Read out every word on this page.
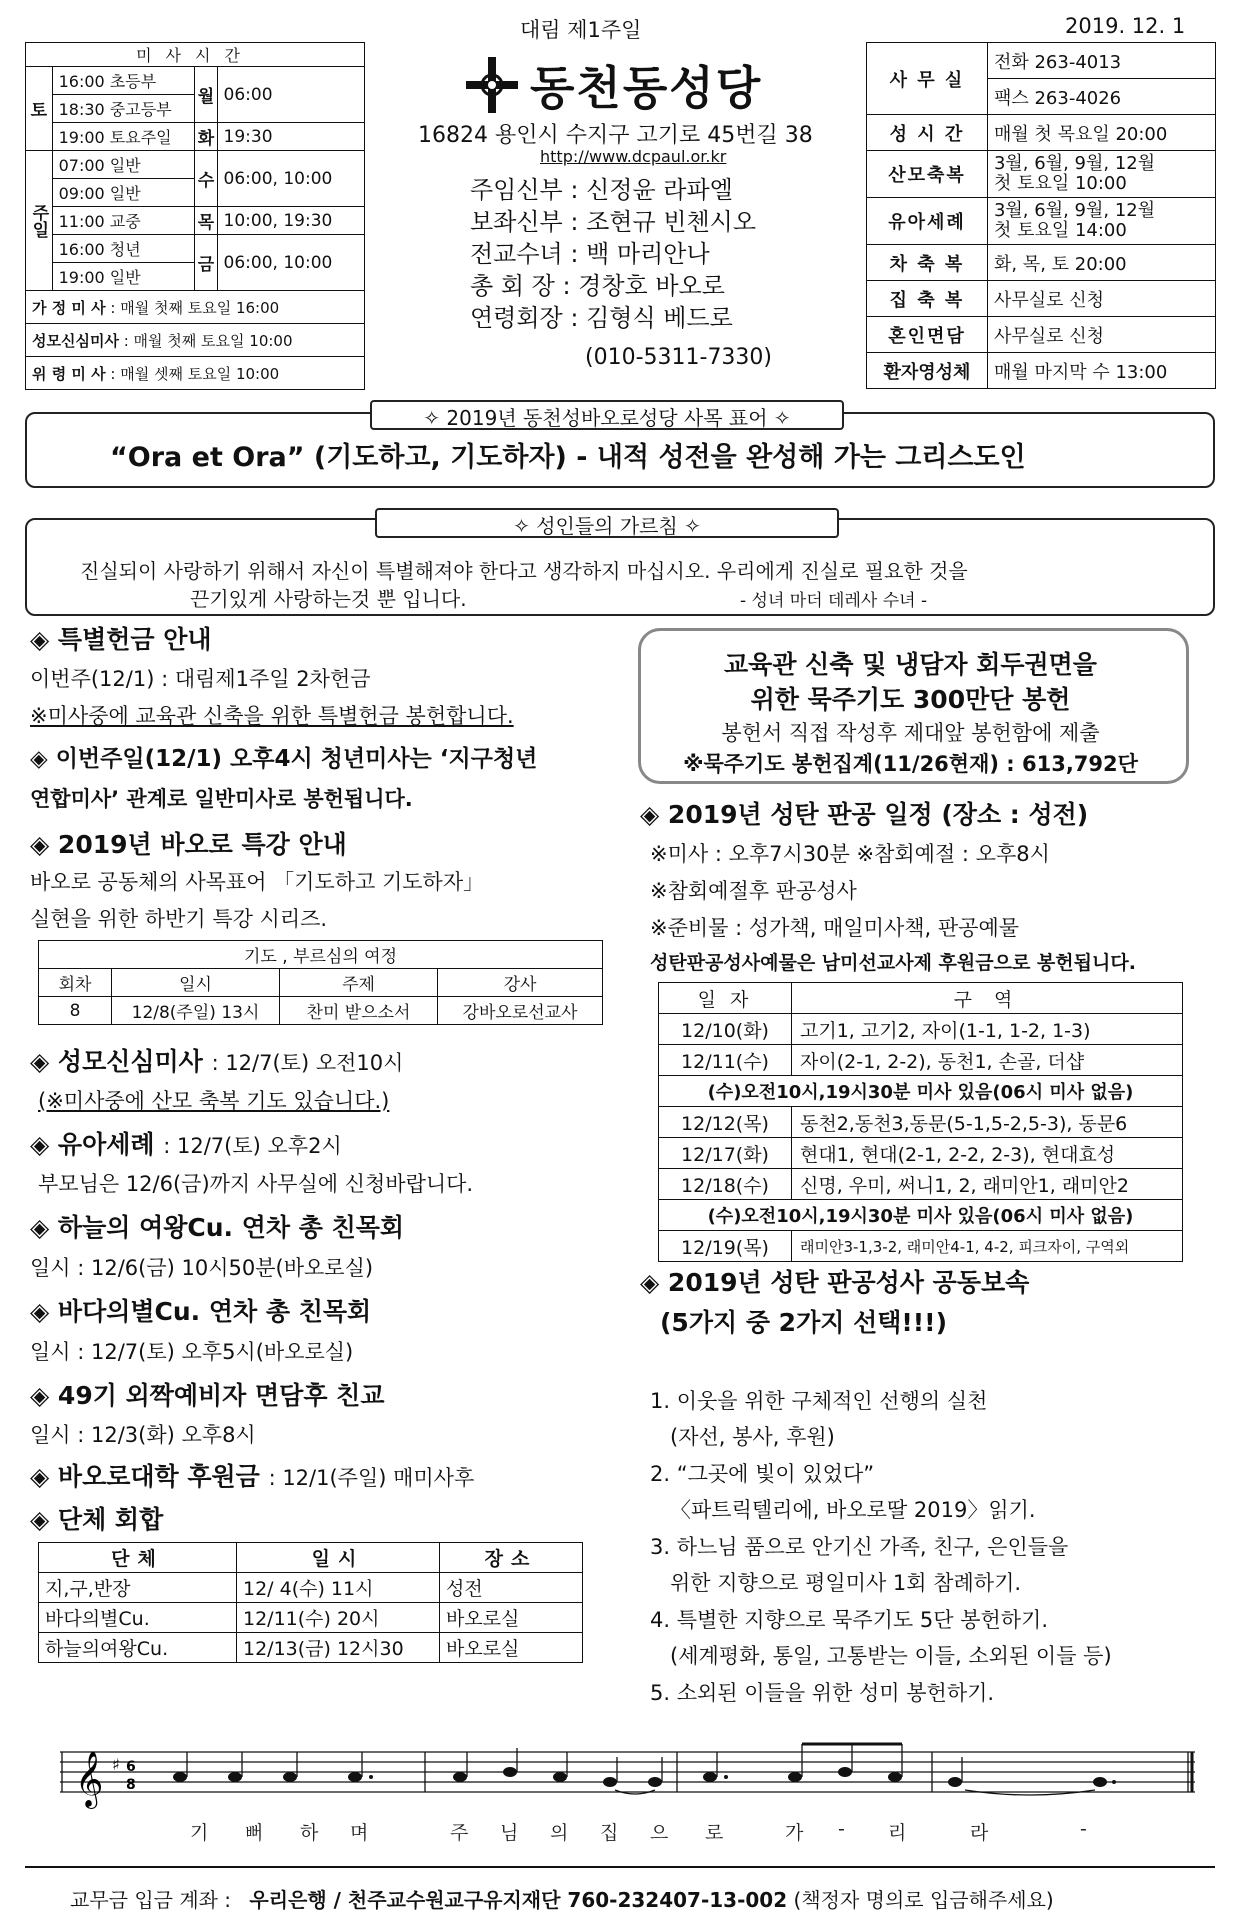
대림 제1주일	2019. 12. 1
미사시간			
토	16:00 초등부	월	06:00
	18:30 중고등부		
	19:00 토요주일	화	19:30
주일	07:00 일반	수	06:00, 10:00
	09:00 일반		
	11:00 교중	목	10:00, 19:30
	16:00 청년	금	06:00, 10:00
	19:00 일반		
가 정 미 사 : 매월 첫째 토요일 16:00			
성모신심미사 : 매월 첫째 토요일 10:00			
위 령 미 사 : 매월 셋째 토요일 10:00			
동천동성당
16824 용인시 수지구 고기로 45번길 38
http://www.dcpaul.or.kr
주임신부 : 신정윤 라파엘
보좌신부 : 조현규 빈첸시오
전교수녀 : 백 마리안나
총 회 장 : 경창호 바오로
연령회장 : 김형식 베드로
(010-5311-7330)
사 무 실	전화 263-4013
	팩스 263-4026
성 시 간	매월 첫 목요일 20:00
산모축복	3월, 6월, 9월, 12월
첫 토요일 10:00
유아세례	3월, 6월, 9월, 12월
첫 토요일 14:00
차 축 복	화, 목, 토 20:00
집 축 복	사무실로 신청
혼인면담	사무실로 신청
환자영성체	매월 마지막 수 13:00
✧ 2019년 동천성바오로성당 사목 표어 ✧
“Ora et Ora” (기도하고, 기도하자) - 내적 성전을 완성해 가는 그리스도인
✧ 성인들의 가르침 ✧
진실되이 사랑하기 위해서 자신이 특별해져야 한다고 생각하지 마십시오. 우리에게 진실로 필요한 것을
끈기있게 사랑하는것 뿐 입니다.	- 성녀 마더 데레사 수녀 -
◈ 특별헌금 안내
이번주(12/1) : 대림제1주일 2차헌금
※미사중에 교육관 신축을 위한 특별헌금 봉헌합니다.
◈ 이번주일(12/1) 오후4시 청년미사는 ‘지구청년
연합미사’ 관계로 일반미사로 봉헌됩니다.
◈ 2019년 바오로 특강 안내
바오로 공동체의 사목표어 「기도하고 기도하자」
실현을 위한 하반기 특강 시리즈.
기도 , 부르심의 여정			
회차	일시	주제	강사
8	12/8(주일) 13시	찬미 받으소서	강바오로선교사
◈ 성모신심미사 : 12/7(토) 오전10시
(※미사중에 산모 축복 기도 있습니다.)
◈ 유아세례 : 12/7(토) 오후2시
부모님은 12/6(금)까지 사무실에 신청바랍니다.
◈ 하늘의 여왕Cu. 연차 총 친목회
일시 : 12/6(금) 10시50분(바오로실)
◈ 바다의별Cu. 연차 총 친목회
일시 : 12/7(토) 오후5시(바오로실)
◈ 49기 외짝예비자 면담후 친교
일시 : 12/3(화) 오후8시
◈ 바오로대학 후원금 : 12/1(주일) 매미사후
◈ 단체 회합
단체	일시	장소
지,구,반장	12/ 4(수) 11시	성전
바다의별Cu.	12/11(수) 20시	바오로실
하늘의여왕Cu.	12/13(금) 12시30	바오로실
교육관 신축 및 냉담자 회두권면을
위한 묵주기도 300만단 봉헌
봉헌서 직접 작성후 제대앞 봉헌함에 제출
※묵주기도 봉헌집계(11/26현재) : 613,792단
◈ 2019년 성탄 판공 일정 (장소 : 성전)
※미사 : 오후7시30분 ※참회예절 : 오후8시
※참회예절후 판공성사
※준비물 : 성가책, 매일미사책, 판공예물
성탄판공성사예물은 남미선교사제 후원금으로 봉헌됩니다.
일 자	구 역
12/10(화)	고기1, 고기2, 자이(1-1, 1-2, 1-3)
12/11(수)	자이(2-1, 2-2), 동천1, 손골, 더샵
(수)오전10시,19시30분 미사 있음(06시 미사 없음)	
12/12(목)	동천2,동천3,동문(5-1,5-2,5-3), 동문6
12/17(화)	현대1, 현대(2-1, 2-2, 2-3), 현대효성
12/18(수)	신명, 우미, 써니1, 2, 래미안1, 래미안2
(수)오전10시,19시30분 미사 있음(06시 미사 없음)	
12/19(목)	래미안3-1,3-2, 래미안4-1, 4-2, 피크자이, 구역외
◈ 2019년 성탄 판공성사 공동보속
(5가지 중 2가지 선택!!!)

1. 이웃을 위한 구체적인 선행의 실천
(자선, 봉사, 후원)
2. “그곳에 빛이 있었다”
〈파트릭텔리에, 바오로딸 2019〉읽기.
3. 하느님 품으로 안기신 가족, 친구, 은인들을
위한 지향으로 평일미사 1회 참례하기.
4. 특별한 지향으로 묵주기도 5단 봉헌하기.
(세계평화, 통일, 고통받는 이들, 소외된 이들 등)
5. 소외된 이들을 위한 성미 봉헌하기.

𝄞 ♯ 6
8
기 뻐 하 며	주 님 의 집 으 로	가 - 리	라	-
교무금 입금 계좌 : 우리은행 / 천주교수원교구유지재단 760-232407-13-002 (책정자 명의로 입금해주세요)
